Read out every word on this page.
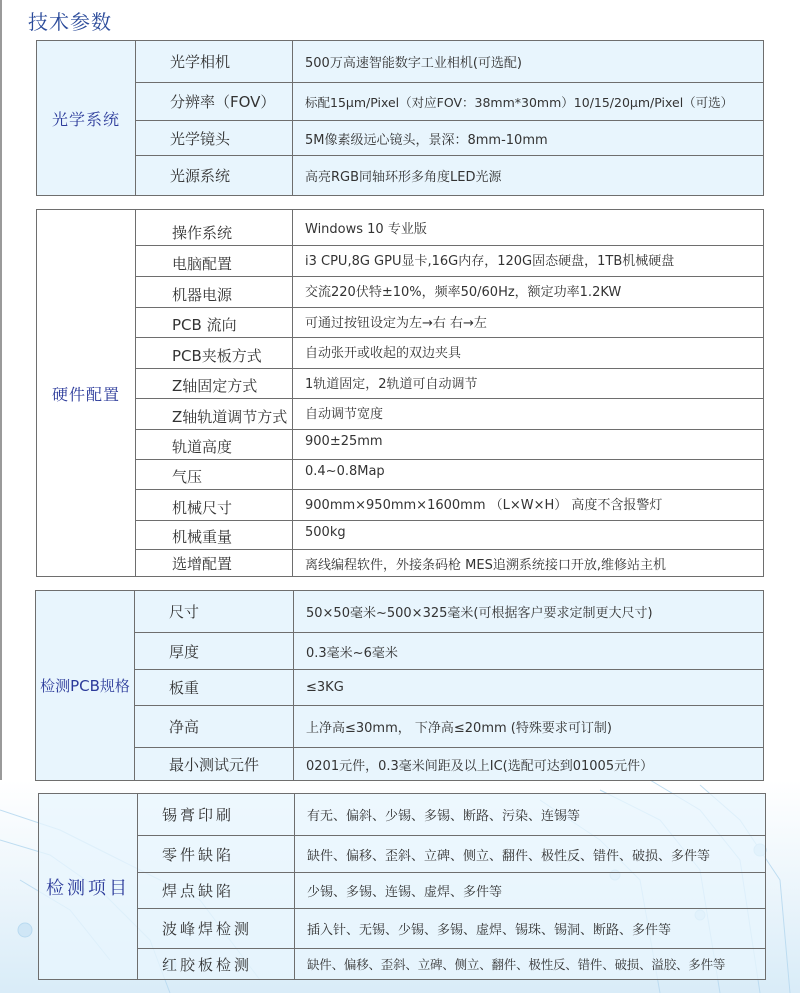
技术参数
光学系统	光学相机	500万高速智能数字工业相机(可选配)
	分辨率（FOV）	标配15μm/Pixel（对应FOV：38mm*30mm）10/15/20μm/Pixel（可选）
	光学镜头	5M像素级远心镜头，景深：8mm-10mm
	光源系统	高亮RGB同轴环形多角度LED光源
硬件配置	操作系统	Windows 10 专业版
	电脑配置	i3 CPU,8G GPU显卡,16G内存，120G固态硬盘，1TB机械硬盘
	机器电源	交流220伏特±10%，频率50/60Hz，额定功率1.2KW
	PCB 流向	可通过按钮设定为左→右 右→左
	PCB夹板方式	自动张开或收起的双边夹具
	Z轴固定方式	1轨道固定，2轨道可自动调节
	Z轴轨道调节方式	自动调节宽度
	轨道高度	900±25mm
	气压	0.4~0.8Map
	机械尺寸	900mm×950mm×1600mm （L×W×H） 高度不含报警灯
	机械重量	500kg
	选增配置	离线编程软件，外接条码枪 MES追溯系统接口开放,维修站主机
检测PCB规格	尺寸	50×50毫米~500×325毫米(可根据客户要求定制更大尺寸)
	厚度	0.3毫米~6毫米
	板重	≤3KG
	净高	上净高≤30mm， 下净高≤20mm (特殊要求可订制)
	最小测试元件	0201元件，0.3毫米间距及以上IC(选配可达到01005元件）
检测项目	锡膏印刷	有无、偏斜、少锡、多锡、断路、污染、连锡等
	零件缺陷	缺件、偏移、歪斜、立碑、侧立、翻件、极性反、错件、破损、多件等
	焊点缺陷	少锡、多锡、连锡、虚焊、多件等
	波峰焊检测	插入针、无锡、少锡、多锡、虚焊、锡珠、锡洞、断路、多件等
	红胶板检测	缺件、偏移、歪斜、立碑、侧立、翻件、极性反、错件、破损、溢胶、多件等
